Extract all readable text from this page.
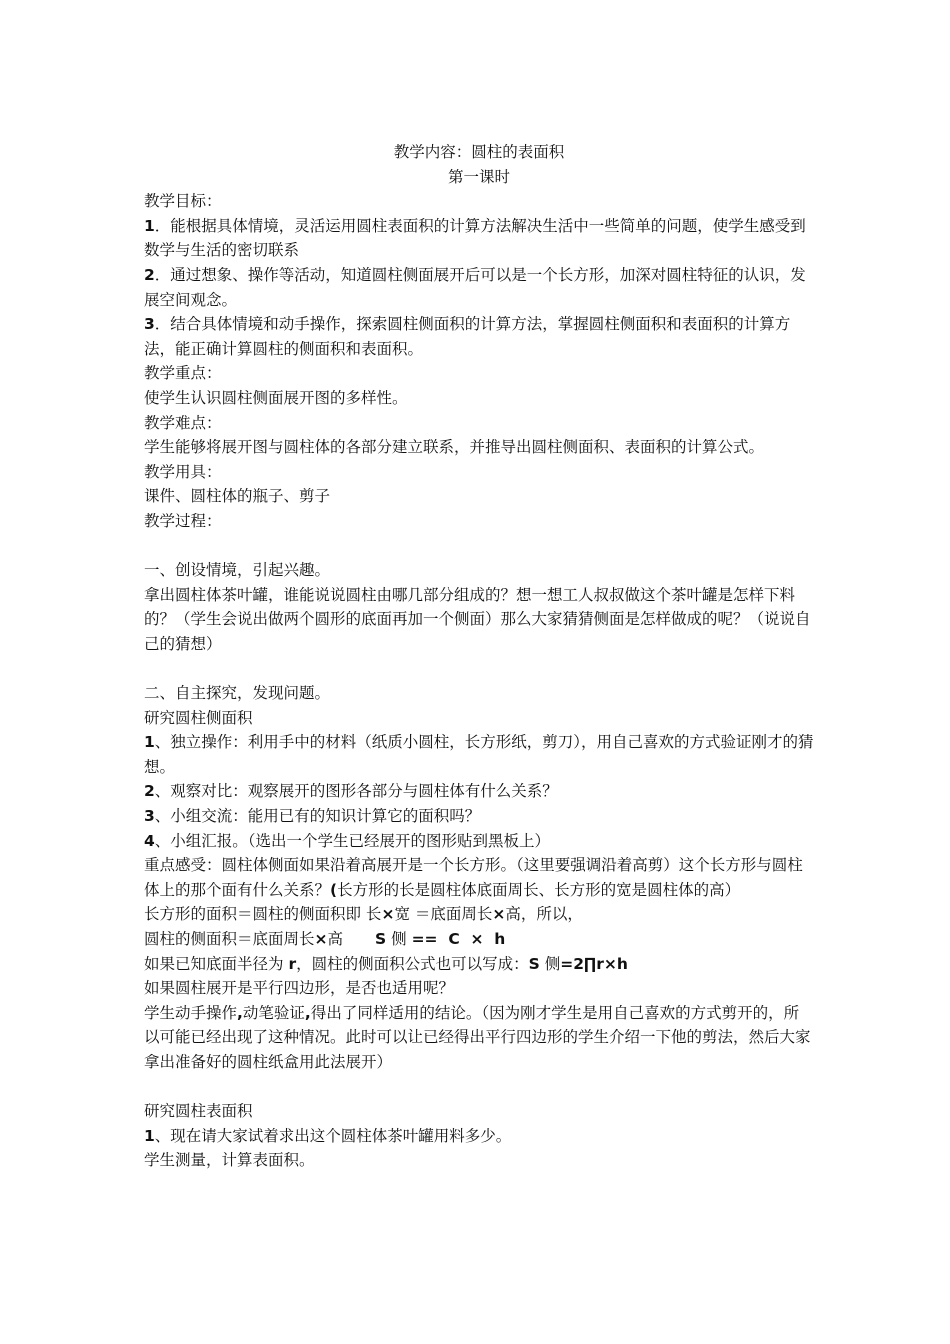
教学内容：圆柱的表面积
第一课时
教学目标：
1．能根据具体情境，灵活运用圆柱表面积的计算方法解决生活中一些简单的问题，使学生感受到数学与生活的密切联系
2．通过想象、操作等活动，知道圆柱侧面展开后可以是一个长方形，加深对圆柱特征的认识，发展空间观念。
3．结合具体情境和动手操作，探索圆柱侧面积的计算方法，掌握圆柱侧面积和表面积的计算方法，能正确计算圆柱的侧面积和表面积。
教学重点：
使学生认识圆柱侧面展开图的多样性。
教学难点：
学生能够将展开图与圆柱体的各部分建立联系，并推导出圆柱侧面积、表面积的计算公式。
教学用具：
课件、圆柱体的瓶子、剪子
教学过程：
一、创设情境，引起兴趣。
拿出圆柱体茶叶罐，谁能说说圆柱由哪几部分组成的？想一想工人叔叔做这个茶叶罐是怎样下料的？（学生会说出做两个圆形的底面再加一个侧面）那么大家猜猜侧面是怎样做成的呢？（说说自己的猜想）
二、自主探究，发现问题。
研究圆柱侧面积
1、独立操作：利用手中的材料（纸质小圆柱，长方形纸，剪刀），用自己喜欢的方式验证刚才的猜想。
2、观察对比：观察展开的图形各部分与圆柱体有什么关系？
3、小组交流：能用已有的知识计算它的面积吗？
4、小组汇报。（选出一个学生已经展开的图形贴到黑板上）
重点感受：圆柱体侧面如果沿着高展开是一个长方形。（这里要强调沿着高剪）这个长方形与圆柱体上的那个面有什么关系？(长方形的长是圆柱体底面周长、长方形的宽是圆柱体的高）
长方形的面积＝圆柱的侧面积即 长×宽 ＝底面周长×高，所以，
圆柱的侧面积＝底面周长×高 S 侧 ==  C  ×  h
如果已知底面半径为 r，圆柱的侧面积公式也可以写成：S 侧=2∏r×h
如果圆柱展开是平行四边形，是否也适用呢？
学生动手操作,动笔验证,得出了同样适用的结论。（因为刚才学生是用自己喜欢的方式剪开的，所以可能已经出现了这种情况。此时可以让已经得出平行四边形的学生介绍一下他的剪法，然后大家拿出准备好的圆柱纸盒用此法展开）
研究圆柱表面积
1、现在请大家试着求出这个圆柱体茶叶罐用料多少。
学生测量，计算表面积。
